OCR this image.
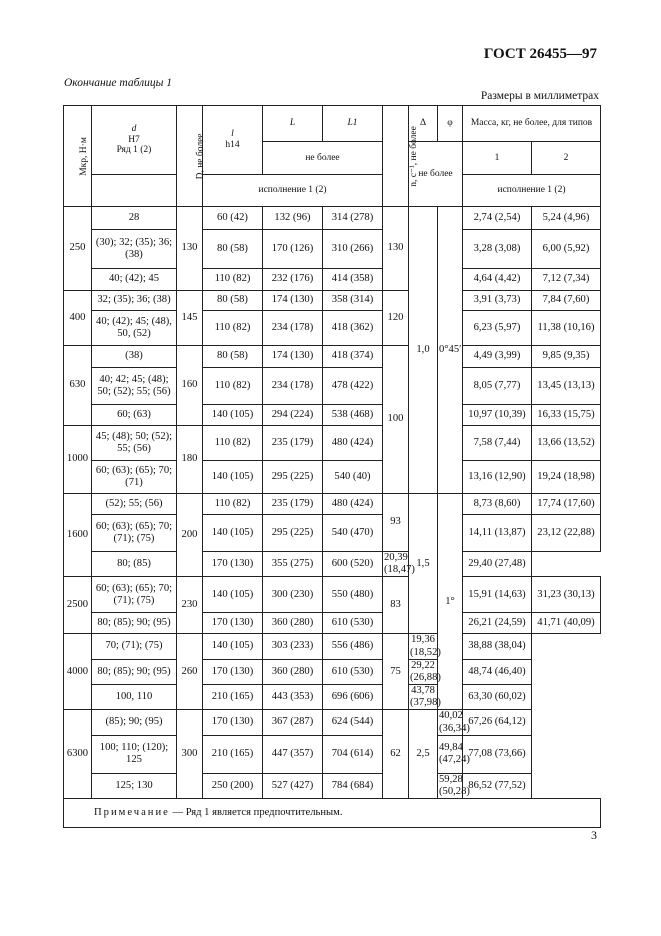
ГОСТ 26455—97
Окончание таблицы 1
Размеры в миллиметрах
Мкр, Н·м	d
H7
Ряд 1 (2)	D, не более	l
h14	L	L1	n, с⁻¹, не более	Δ	φ	Масса, кг, не более, для типов	
				не более			не более		1	2
			исполнение 1 (2)						исполнение 1 (2)	
250	28	130	60 (42)	132 (96)	314 (278)	130	1,0	0°45′	2,74 (2,54)	5,24 (4,96)
	(30); 32; (35); 36; (38)		80 (58)	170 (126)	310 (266)				3,28 (3,08)	6,00 (5,92)
	40; (42); 45		110 (82)	232 (176)	414 (358)				4,64 (4,42)	7,12 (7,34)
400	32; (35); 36; (38)	145	80 (58)	174 (130)	358 (314)	120			3,91 (3,73)	7,84 (7,60)
	40; (42); 45; (48), 50, (52)		110 (82)	234 (178)	418 (362)				6,23 (5,97)	11,38 (10,16)
630	(38)	160	80 (58)	174 (130)	418 (374)	100			4,49 (3,99)	9,85 (9,35)
	40; 42; 45; (48); 50; (52); 55; (56)		110 (82)	234 (178)	478 (422)				8,05 (7,77)	13,45 (13,13)
	60; (63)		140 (105)	294 (224)	538 (468)				10,97 (10,39)	16,33 (15,75)
1000	45; (48); 50; (52); 55; (56)	180	110 (82)	235 (179)	480 (424)				7,58 (7,44)	13,66 (13,52)
	60; (63); (65); 70; (71)		140 (105)	295 (225)	540 (40)				13,16 (12,90)	19,24 (18,98)
1600	(52); 55; (56)	200	110 (82)	235 (179)	480 (424)	93	1,5	1°	8,73 (8,60)	17,74 (17,60)
	60; (63); (65); 70; (71); (75)		140 (105)	295 (225)	540 (470)				14,11 (13,87)	23,12 (22,88)
	80; (85)		170 (130)	355 (275)	600 (520)	20,39 (18,47)			29,40 (27,48)	
2500	60; (63); (65); 70; (71); (75)	230	140 (105)	300 (230)	550 (480)	83			15,91 (14,63)	31,23 (30,13)
	80; (85); 90; (95)		170 (130)	360 (280)	610 (530)				26,21 (24,59)	41,71 (40,09)
4000	70; (71); (75)	260	140 (105)	303 (233)	556 (486)	75	19,36 (18,52)		38,88 (38,04)	
	80; (85); 90; (95)		170 (130)	360 (280)	610 (530)		29,22 (26,88)		48,74 (46,40)	
	100, 110		210 (165)	443 (353)	696 (606)		43,78 (37,98)		63,30 (60,02)	
6300	(85); 90; (95)	300	170 (130)	367 (287)	624 (544)	62	2,5	40,02 (36,34)	67,26 (64,12)	
	100; 110; (120); 125		210 (165)	447 (357)	704 (614)			49,84 (47,24)	77,08 (73,66)	
	125; 130		250 (200)	527 (427)	784 (684)			59,28 (50,28)	86,52 (77,52)	
Примечание — Ряд 1 является предпочтительным.										
3
